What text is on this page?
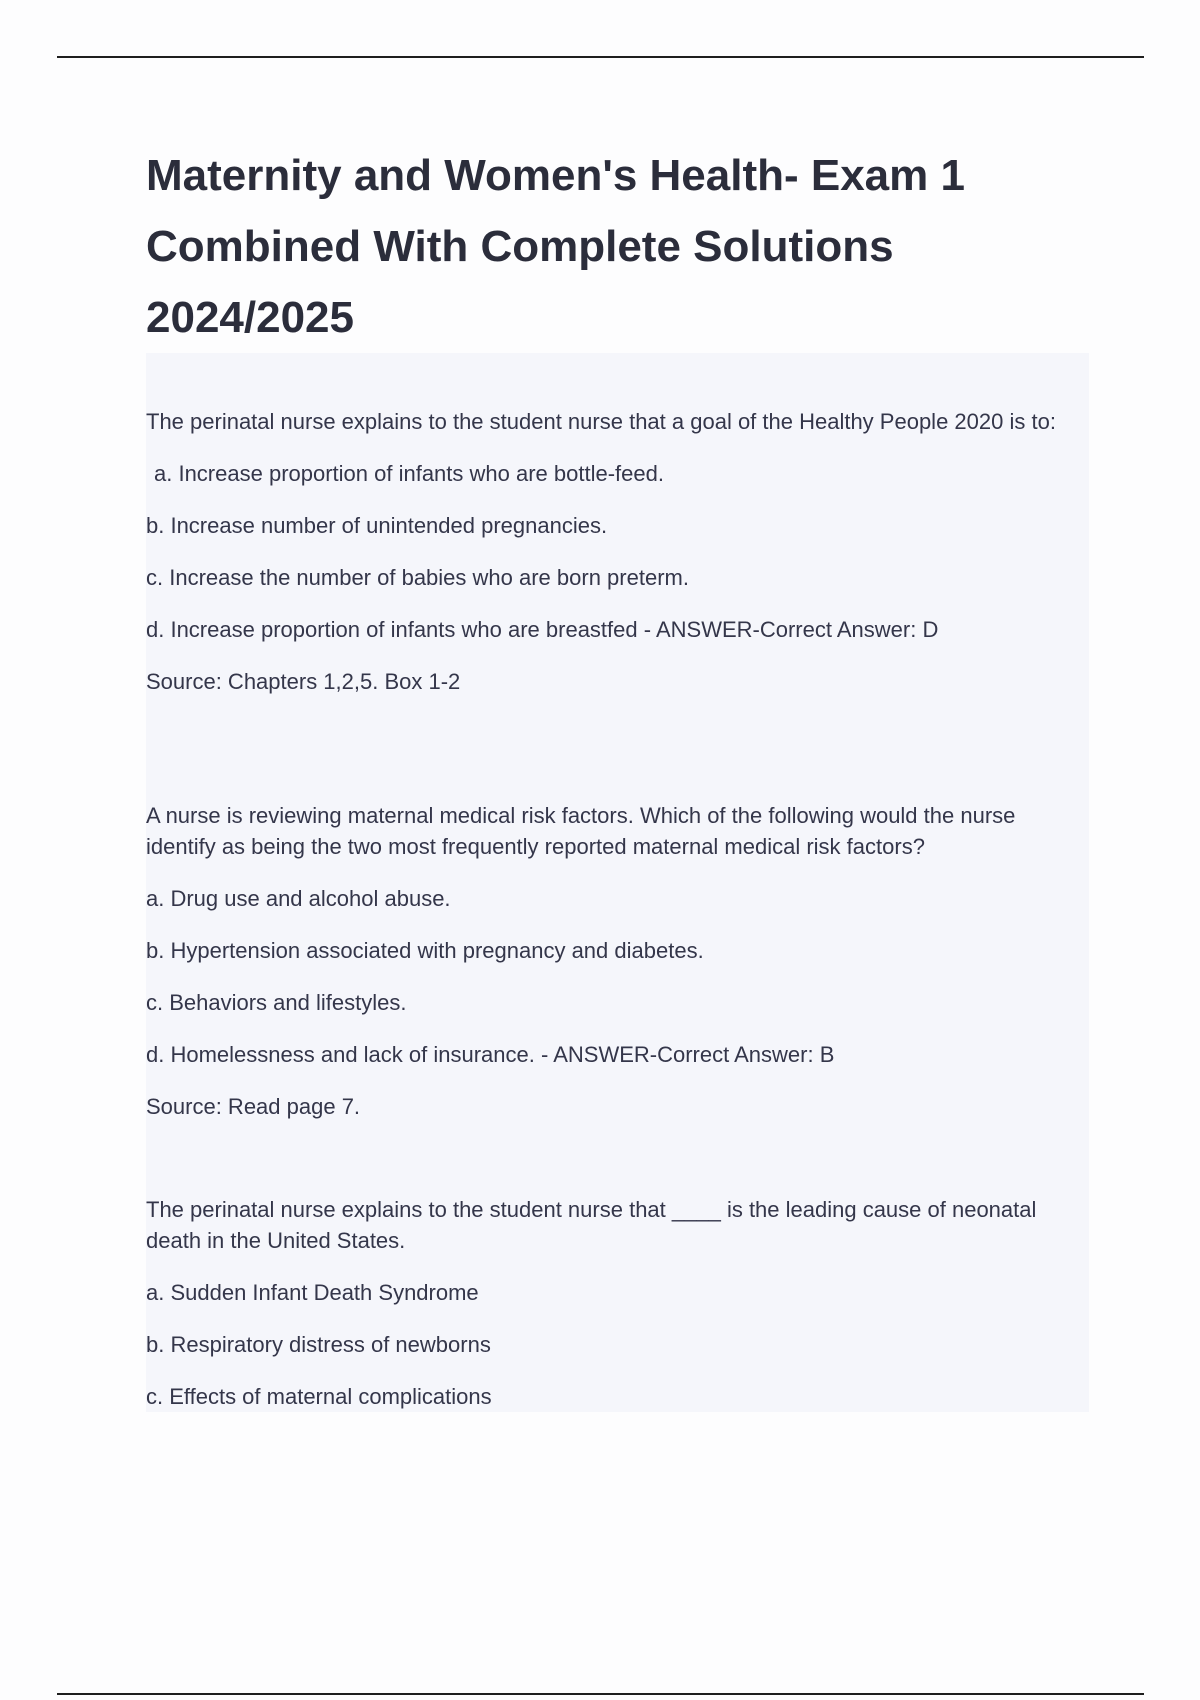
Maternity and Women's Health- Exam 1 Combined With Complete Solutions 2024/2025

The perinatal nurse explains to the student nurse that a goal of the Healthy People 2020 is to:

a. Increase proportion of infants who are bottle-feed.

b. Increase number of unintended pregnancies.

c. Increase the number of babies who are born preterm.

d. Increase proportion of infants who are breastfed - ANSWER-Correct Answer: D

Source: Chapters 1,2,5. Box 1-2

A nurse is reviewing maternal medical risk factors. Which of the following would the nurse identify as being the two most frequently reported maternal medical risk factors?

a. Drug use and alcohol abuse.

b. Hypertension associated with pregnancy and diabetes.

c. Behaviors and lifestyles.

d. Homelessness and lack of insurance. - ANSWER-Correct Answer: B

Source: Read page 7.

The perinatal nurse explains to the student nurse that ____ is the leading cause of neonatal death in the United States.

a. Sudden Infant Death Syndrome

b. Respiratory distress of newborns

c. Effects of maternal complications
